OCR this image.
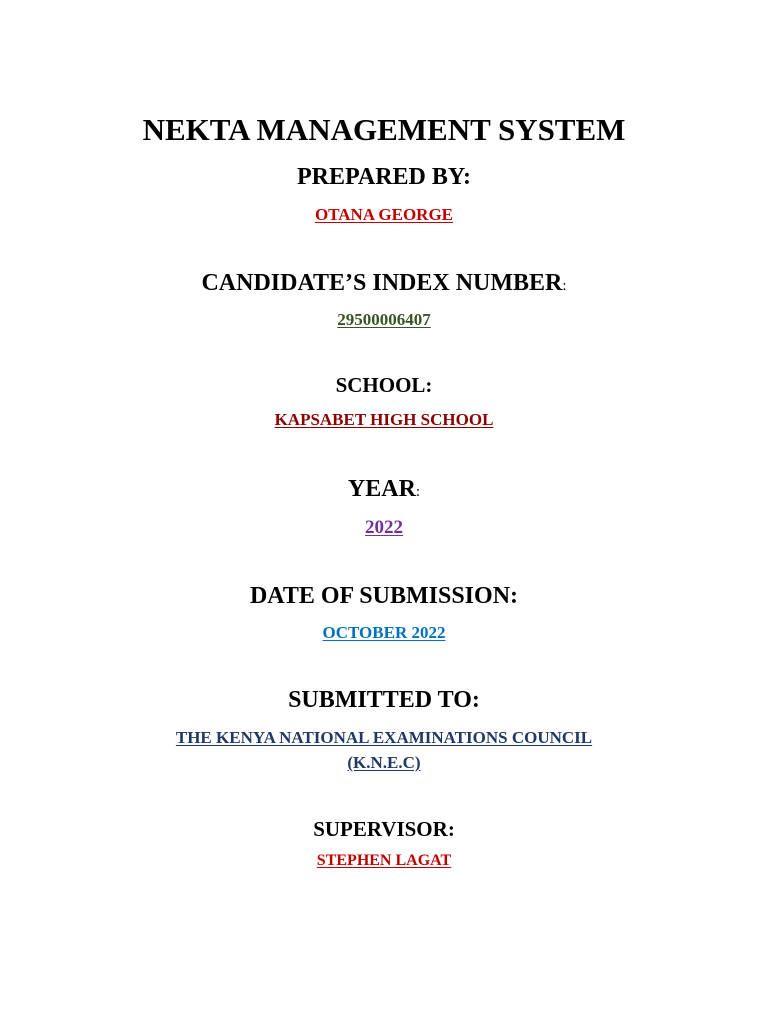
NEKTA MANAGEMENT SYSTEM
PREPARED BY:
OTANA GEORGE
CANDIDATE’S INDEX NUMBER:
29500006407
SCHOOL:
KAPSABET HIGH SCHOOL
YEAR:
2022
DATE OF SUBMISSION:
OCTOBER 2022
SUBMITTED TO:
THE KENYA NATIONAL EXAMINATIONS COUNCIL
(K.N.E.C)
SUPERVISOR:
STEPHEN LAGAT
